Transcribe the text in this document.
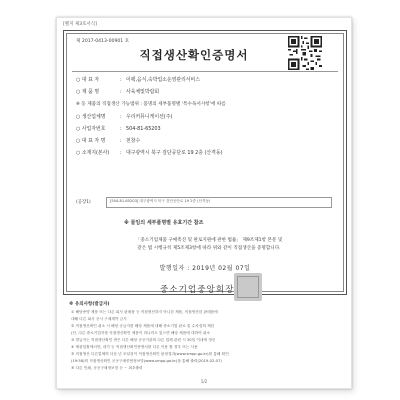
[별지 제3호서식]
제 2017-0413-00901 호
직접생산확인증명서
○ 대 표 자	: 이팩,음식,숙박업소운영관리서비스
○ 제 품 명	: 사육체및박람회
※ 동 제품의 직접생산 가능범위 : 품명의 세부품명별 '특수독서사항'에 따름
○ 생산업체명	: 우리커뮤니케이션(주)
○ 사업자번호	: 504-81-65203
○ 대 표 자 명	: 천창수
○ 소재지(본사) : 대구광역시 북구 검단공단로 19 2층 (산격동)
(공장1)	[504-81-65203] 대구광역시 북구 검단공단로 19 2층 (산격동)
※ 물임의 세부품명별 유효기간 참조
「중소기업제품 구매촉진 및 판로지원에 관한 법률」 제9조제1항 본문 및
같은 법 시행규칙 제5조제3항에 따라 위와 같이 직접생산을 증명합니다.
발행일자 : 2019년 02월 07일
중소기업중앙회장
※ 유의사항(발급자)
① 해당증명 제품 또는 다른 회사 판매품 등 직접생산하지 아니한 제품, 직접생산한 판매품에
대해 다른 회사 공사 구매계약 금지
② 직접생산확인 취소 시 해당 공급자를 해당 제품에 대해 중소기업 판로 및 수차결의 제한
(단, 다른 중소기업자를 직접생산확인 제품이 하나라도 있으면 해당 제품에 대하여 취소
③ 발급자는 직접생산확인 받은 다른 해당 공공기관의 다른 업체 관련 시 30일 이내에 갱신
④ 제품입찰에서만, 대가 등 직접생산확인증명서를 다른 이용 할 경우 또는 사용
⑤ 직접생산 다른업체의 다음 년 조달청이 직접생산확인 판정결과(www.smpp.go.kr)를 통해 확인
(19:58)의 직접생산확인 공공구매종합정보망(www.smpp.go.kr)을 통해 출력(2019-02-07)
⑥ 다른 인쇄, 공공구매정보망 등 ~ 최초출력
1/2
